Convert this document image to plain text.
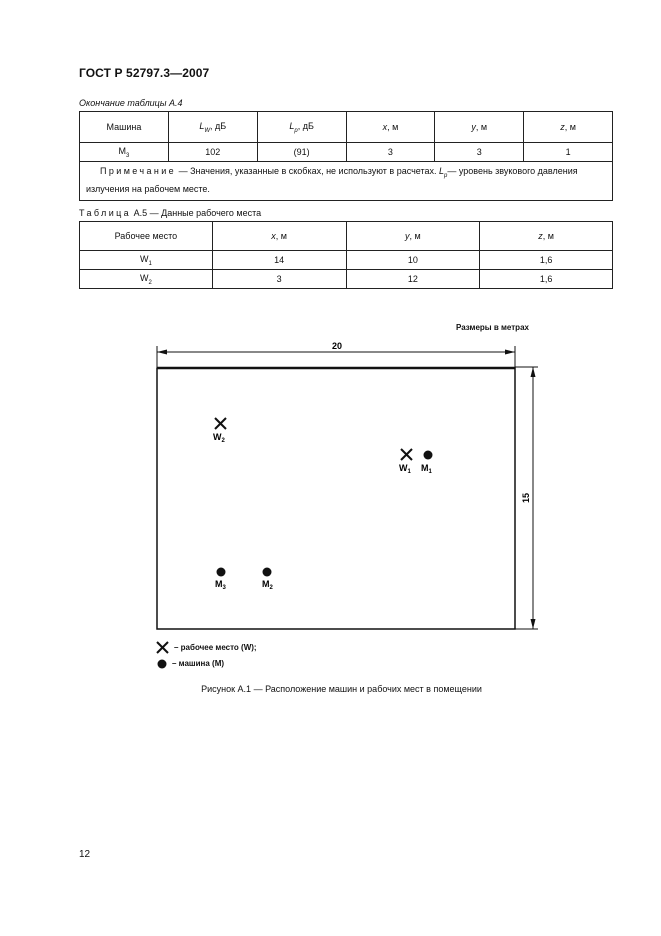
ГОСТ Р 52797.3—2007
Окончание таблицы А.4
Машина	$L_W$, дБ	$L_p$, дБ	x, м	y, м	z, м
$M_3$	102	(91)	3	3	1
Примечание — Значения, указанные в скобках, не используют в расчетах. $L_p—$ уровень звукового давления излучения на рабочем месте.					
Таблица А.5 — Данные рабочего места
Рабочее место	x, м	y, м	z, м
$W_1$	14	10	1,6
$W_2$	3	12	1,6
Размеры в метрах
20
15
$W_2$
$W_1$ $M_1$
$M_3$	$M_2$
– рабочее место (W);
– машина (M)
Рисунок А.1 — Расположение машин и рабочих мест в помещении
12
